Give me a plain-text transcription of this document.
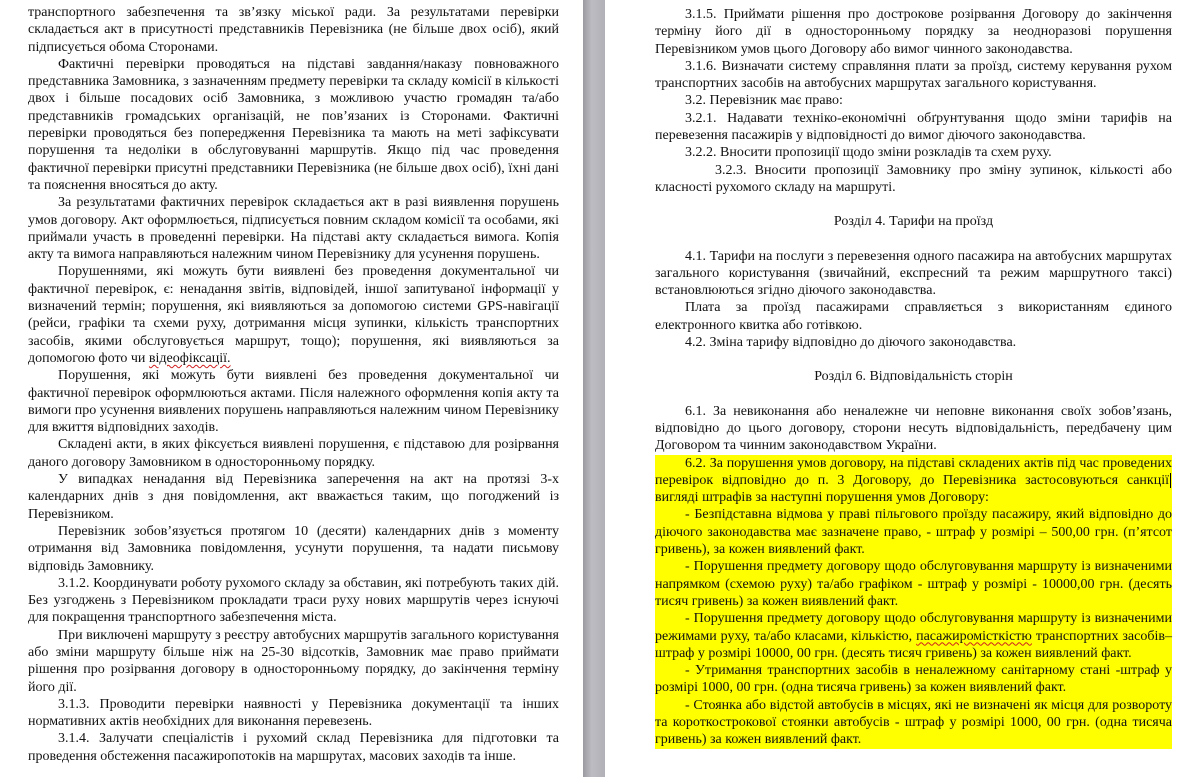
транспортного забезпечення та зв’язку міської ради. За результатами перевірки складається акт в присутності представників Перевізника (не більше двох осіб), який підписується обома Сторонами.

Фактичні перевірки проводяться на підставі завдання/наказу повноважного представника Замовника, з зазначенням предмету перевірки та складу комісії в кількості двох і більше посадових осіб Замовника, з можливою участю громадян та/або представників громадських організацій, не пов’язаних із Сторонами. Фактичні перевірки проводяться без попередження Перевізника та мають на меті зафіксувати порушення та недоліки в обслуговуванні маршрутів. Якщо під час проведення фактичної перевірки присутні представники Перевізника (не більше двох осіб), їхні дані та пояснення вносяться до акту.

За результатами фактичних перевірок складається акт в разі виявлення порушень умов договору. Акт оформлюється, підписується повним складом комісії та особами, які приймали участь в проведенні перевірки. На підставі акту складається вимога. Копія акту та вимога направляються належним чином Перевізнику для усунення порушень.

Порушеннями, які можуть бути виявлені без проведення документальної чи фактичної перевірок, є: ненадання звітів, відповідей, іншої запитуваної інформації у визначений термін; порушення, які виявляються за допомогою системи GPS-навігації (рейси, графіки та схеми руху, дотримання місця зупинки, кількість транспортних засобів, якими обслуговується маршрут, тощо); порушення, які виявляються за допомогою фото чи відеофіксації.

Порушення, які можуть бути виявлені без проведення документальної чи фактичної перевірок оформлюються актами. Після належного оформлення копія акту та вимоги про усунення виявлених порушень направляються належним чином Перевізнику для вжиття відповідних заходів.

Складені акти, в яких фіксується виявлені порушення, є підставою для розірвання даного договору Замовником в односторонньому порядку.

У випадках ненадання від Перевізника заперечення на акт на протязі 3-х календарних днів з дня повідомлення, акт вважається таким, що погоджений із Перевізником.

Перевізник зобов’язується протягом 10 (десяти) календарних днів з моменту отримання від Замовника повідомлення, усунути порушення, та надати письмову відповідь Замовнику.

3.1.2. Координувати роботу рухомого складу за обставин, які потребують таких дій. Без узгоджень з Перевізником прокладати траси руху нових маршрутів через існуючі для покращення транспортного забезпечення міста.

При виключені маршруту з реєстру автобусних маршрутів загального користування або зміни маршруту більше ніж на 25-30 відсотків, Замовник має право приймати рішення про розірвання договору в односторонньому порядку, до закінчення терміну його дії.

3.1.3. Проводити перевірки наявності у Перевізника документації та інших нормативних актів необхідних для виконання перевезень.

3.1.4. Залучати спеціалістів і рухомий склад Перевізника для підготовки та проведення обстеження пасажиропотоків на маршрутах, масових заходів та інше.

3.1.5. Приймати рішення про дострокове розірвання Договору до закінчення терміну його дії в односторонньому порядку за неодноразові порушення Перевізником умов цього Договору або вимог чинного законодавства.

3.1.6. Визначати систему справляння плати за проїзд, систему керування рухом транспортних засобів на автобусних маршрутах загального користування.

3.2. Перевізник має право:

3.2.1. Надавати техніко-економічні обґрунтування щодо зміни тарифів на перевезення пасажирів у відповідності до вимог діючого законодавства.

3.2.2. Вносити пропозиції щодо зміни розкладів та схем руху.

3.2.3. Вносити пропозиції Замовнику про зміну зупинок, кількості або класності рухомого складу на маршруті.

Розділ 4. Тарифи на проїзд

4.1. Тарифи на послуги з перевезення одного пасажира на автобусних маршрутах загального користування (звичайний, експресний та режим маршрутного таксі) встановлюються згідно діючого законодавства.

Плата за проїзд пасажирами справляється з використанням єдиного електронного квитка або готівкою.

4.2. Зміна тарифу відповідно до діючого законодавства.

Розділ 6. Відповідальність сторін

6.1. За невиконання або неналежне чи неповне виконання своїх зобов’язань, відповідно до цього договору, сторони несуть відповідальність, передбачену цим Договором та чинним законодавством України.

6.2. За порушення умов договору, на підставі складених актів під час проведених перевірок відповідно до п. 3 Договору, до Перевізника застосовуються санкції вигляді штрафів за наступні порушення умов Договору:

- Безпідставна відмова у праві пільгового проїзду пасажиру, який відповідно до діючого законодавства має зазначене право, - штраф у розмірі – 500,00 грн. (п’ятсот гривень), за кожен виявлений факт.

- Порушення предмету договору щодо обслуговування маршруту із визначеними напрямком (схемою руху) та/або графіком - штраф у розмірі - 10000,00 грн. (десять тисяч гривень) за кожен виявлений факт.

- Порушення предмету договору щодо обслуговування маршруту із визначеними режимами руху, та/або класами, кількістю, пасажиромісткістю транспортних засобів– штраф у розмірі 10000, 00 грн. (десять тисяч гривень) за кожен виявлений факт.

- Утримання транспортних засобів в неналежному санітарному стані -штраф у розмірі 1000, 00 грн. (одна тисяча гривень) за кожен виявлений факт.

- Стоянка або відстой автобусів в місцях, які не визначені як місця для розвороту та короткострокової стоянки автобусів - штраф у розмірі 1000, 00 грн. (одна тисяча гривень) за кожен виявлений факт.
